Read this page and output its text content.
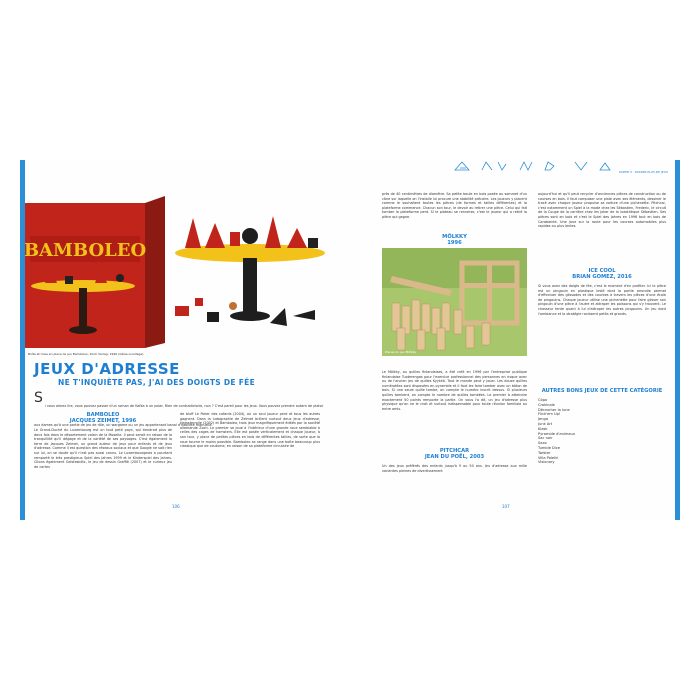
BAMBOLEO
Boîte et mise en place de jeu Bamboleo, Zoch Verlag, 1996 (Gilles-ouvillage)
JEUX D'ADRESSE
NE T'INQUIÈTE PAS, J'AI DES DOIGTS DE FÉE
S i vous aimez lire, vous pouvez passer d'un roman de Kafka à un polar. Rien de contradictoire, non ? C'est pareil pour les jeux. Vous pouvez prendre autant de plaisir aux dames qu'à une partie de jeu de rôle, un wargame ou un jeu appartenant banal d'habileté manuelle.
BAMBOLEO
JACQUES ZEIMET, 1996
Le Grand-Duché du Luxembourg est un tout petit pays, qui tiendrait plus de deux fois dans le département voisin de la Moselle. Il peut serait en raison de la tranquillité qu'il dégage et de la variété de ses paysages. C'est également la terre de Jacques Zeimet, un grand auteur de jeux pour enfants et de jeux d'adresse. Comme il est question des réseaux sociaux et que Google ne sait rien sur lui, on se doute qu'il n'est pas aussi connu. Le Luxembourgeois a pourtant remporté le très prestigieux Spiel des Jahres 1999 et le Kinderspiel des Jahres. Citons également Geistesblitz, le jeu de dessin Graffiti (2007) et le curieux jeu de cartes
de bluff Le Poker des cafards (2004), où un seul joueur perd et tous les autres gagnent. Dans la ludographie de Zeimet brillent surtout deux jeux d'adresse, Hamsterrolle (2002) et Bamboleo, trois jeux magnifiquement édités par la société allemande Zoch. Le premier se joue à l'intérieur d'une grande roue semblable à celles des cages de hamsters. Elle est posée verticalement et chaque joueur, à son tour, y place de petites pièces en bois de différentes tailles, de sorte que la roue tourne le moins possible. Bamboleo se range dans une boîte beaucoup plus classique que de coutume, en raison de sa plateforme circulaire de
106
PARTIE 2 : PASSER PLUS DE JEUX
près de 40 centimètres de diamètre. Sa petite boule en bois posée au sommet d'un cône sur laquelle on l'installe lui procure une stabilité précaire. Les joueurs y placent comme le souhaitent toutes les pièces (de formes et tailles différentes) et la plateforme commence. Chacun son tour, le devoir au retirer une pièce. Celui qui fait tomber la plateforme perd. Si le plateau se renverse, c'est le joueur qui a retiré la pièce qui gagne.
MÖLKKY
1996
Pièces du jeu Mölkky
Le Mölkky, ou quilles finlandaises, a été créé en 1996 par l'entreprise publique finlandaise Tuoterengas pour l'exercice professionnel des personnes en risque avec ou de l'ancien jeu de quilles Kyykkä. Tout le monde peut y jouer. Les douze quilles numérotées sont disposées en pyramide et il faut les faire tomber avec un bâton de bois. Si une seule quille tombe, on compte le numéro inscrit dessus. Si plusieurs quilles tombent, on compte le nombre de quilles tombées. Le premier à atteindre exactement 50 points remporte la partie. On vous l'a dit, un jeu d'adresse plus physique qu'on ne le croit et surtout indispensable pour toute réunion familiale ou entre amis.
PITCHCAR
JEAN DU POËL, 2003
Un des jeux préférés des enfants jusqu'à 9 ou 50 ans. Jeu d'adresse aux mille variantes pleines de divertissement
aujourd'hui et qu'il peut recycler d'anciennes pièces de construction ou de courses en bois. Il faut composer une piste avec ses éléments, dessiner le tracé avec chaque joueur propulse sa voiture d'une pichenette. Pitchcar, c'est notamment un Spiel à la mode chez les Sébastien, Frederic, le circuit de la Coupe de la carrière chez les Joker de la ludothèque Sébastien. Ses pièces sont en bois et c'est le Spiel des Jahres en 1996 tout en bois de Carabande. Une joue sur la route pour les courses automobiles plus rapides ou plus lentes.
ICE COOL
BRIAN GOMEZ, 2016
Si vous avez des doigts de fée, c'est le moment d'en profiter. Ici la pièce est un pingouin en plastique lesté dont la partie arrondie permet d'effectuer des glissades et des courbes à travers les pièces d'une école de pingouins. Chaque joueur utilise une pichenette pour faire glisser son pingouin d'une pièce à l'autre et attraper les poissons qui s'y trouvent. Le chasseur tente quant à lui d'attraper les autres pingouins. Un jeu dont l'ambiance et la stratégie ravissent petits et grands.
AUTRES BONS JEUX DE CETTE CATÉGORIE
Cópo
Crokinole
Décrocher la lune
Flick'em Up!
Jenga
Junk Art
Klask
Pyramide d'animaux
Sac noir
Saxo
Tumble Dice
Twister
Villa Paletti
Visionary
107
